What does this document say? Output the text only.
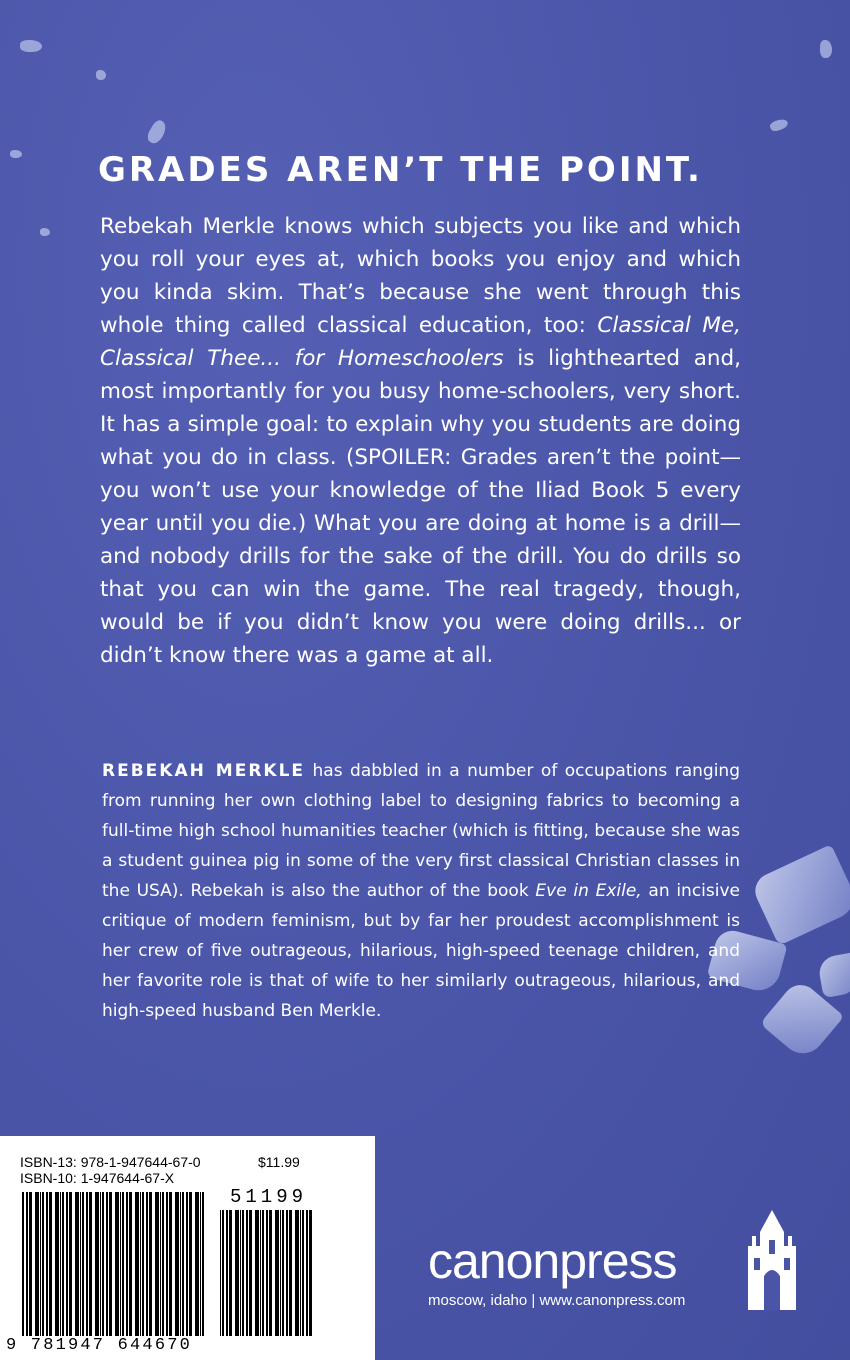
GRADES AREN’T THE POINT.

Rebekah Merkle knows which subjects you like and which you roll your eyes at, which books you enjoy and which you kinda skim. That’s because she went through this whole thing called classical education, too: Classical Me, Classical Thee... for Homeschoolers is lighthearted and, most importantly for you busy home-schoolers, very short. It has a simple goal: to explain why you students are doing what you do in class. (SPOILER: Grades aren’t the point—you won’t use your knowledge of the Iliad Book 5 every year until you die.) What you are doing at home is a drill—and nobody drills for the sake of the drill. You do drills so that you can win the game. The real tragedy, though, would be if you didn’t know you were doing drills... or didn’t know there was a game at all.

REBEKAH MERKLE has dabbled in a number of occupations ranging from running her own clothing label to designing fabrics to becoming a full-time high school humanities teacher (which is fitting, because she was a student guinea pig in some of the very first classical Christian classes in the USA). Rebekah is also the author of the book Eve in Exile, an incisive critique of modern feminism, but by far her proudest accomplishment is her crew of five outrageous, hilarious, high-speed teenage children, and her favorite role is that of wife to her similarly outrageous, hilarious, and high-speed husband Ben Merkle.

ISBN-13: 978-1-947644-67-0
ISBN-10: 1-947644-67-X
$11.99
51199
9 781947 644670
canonpress
moscow, idaho | www.canonpress.com
